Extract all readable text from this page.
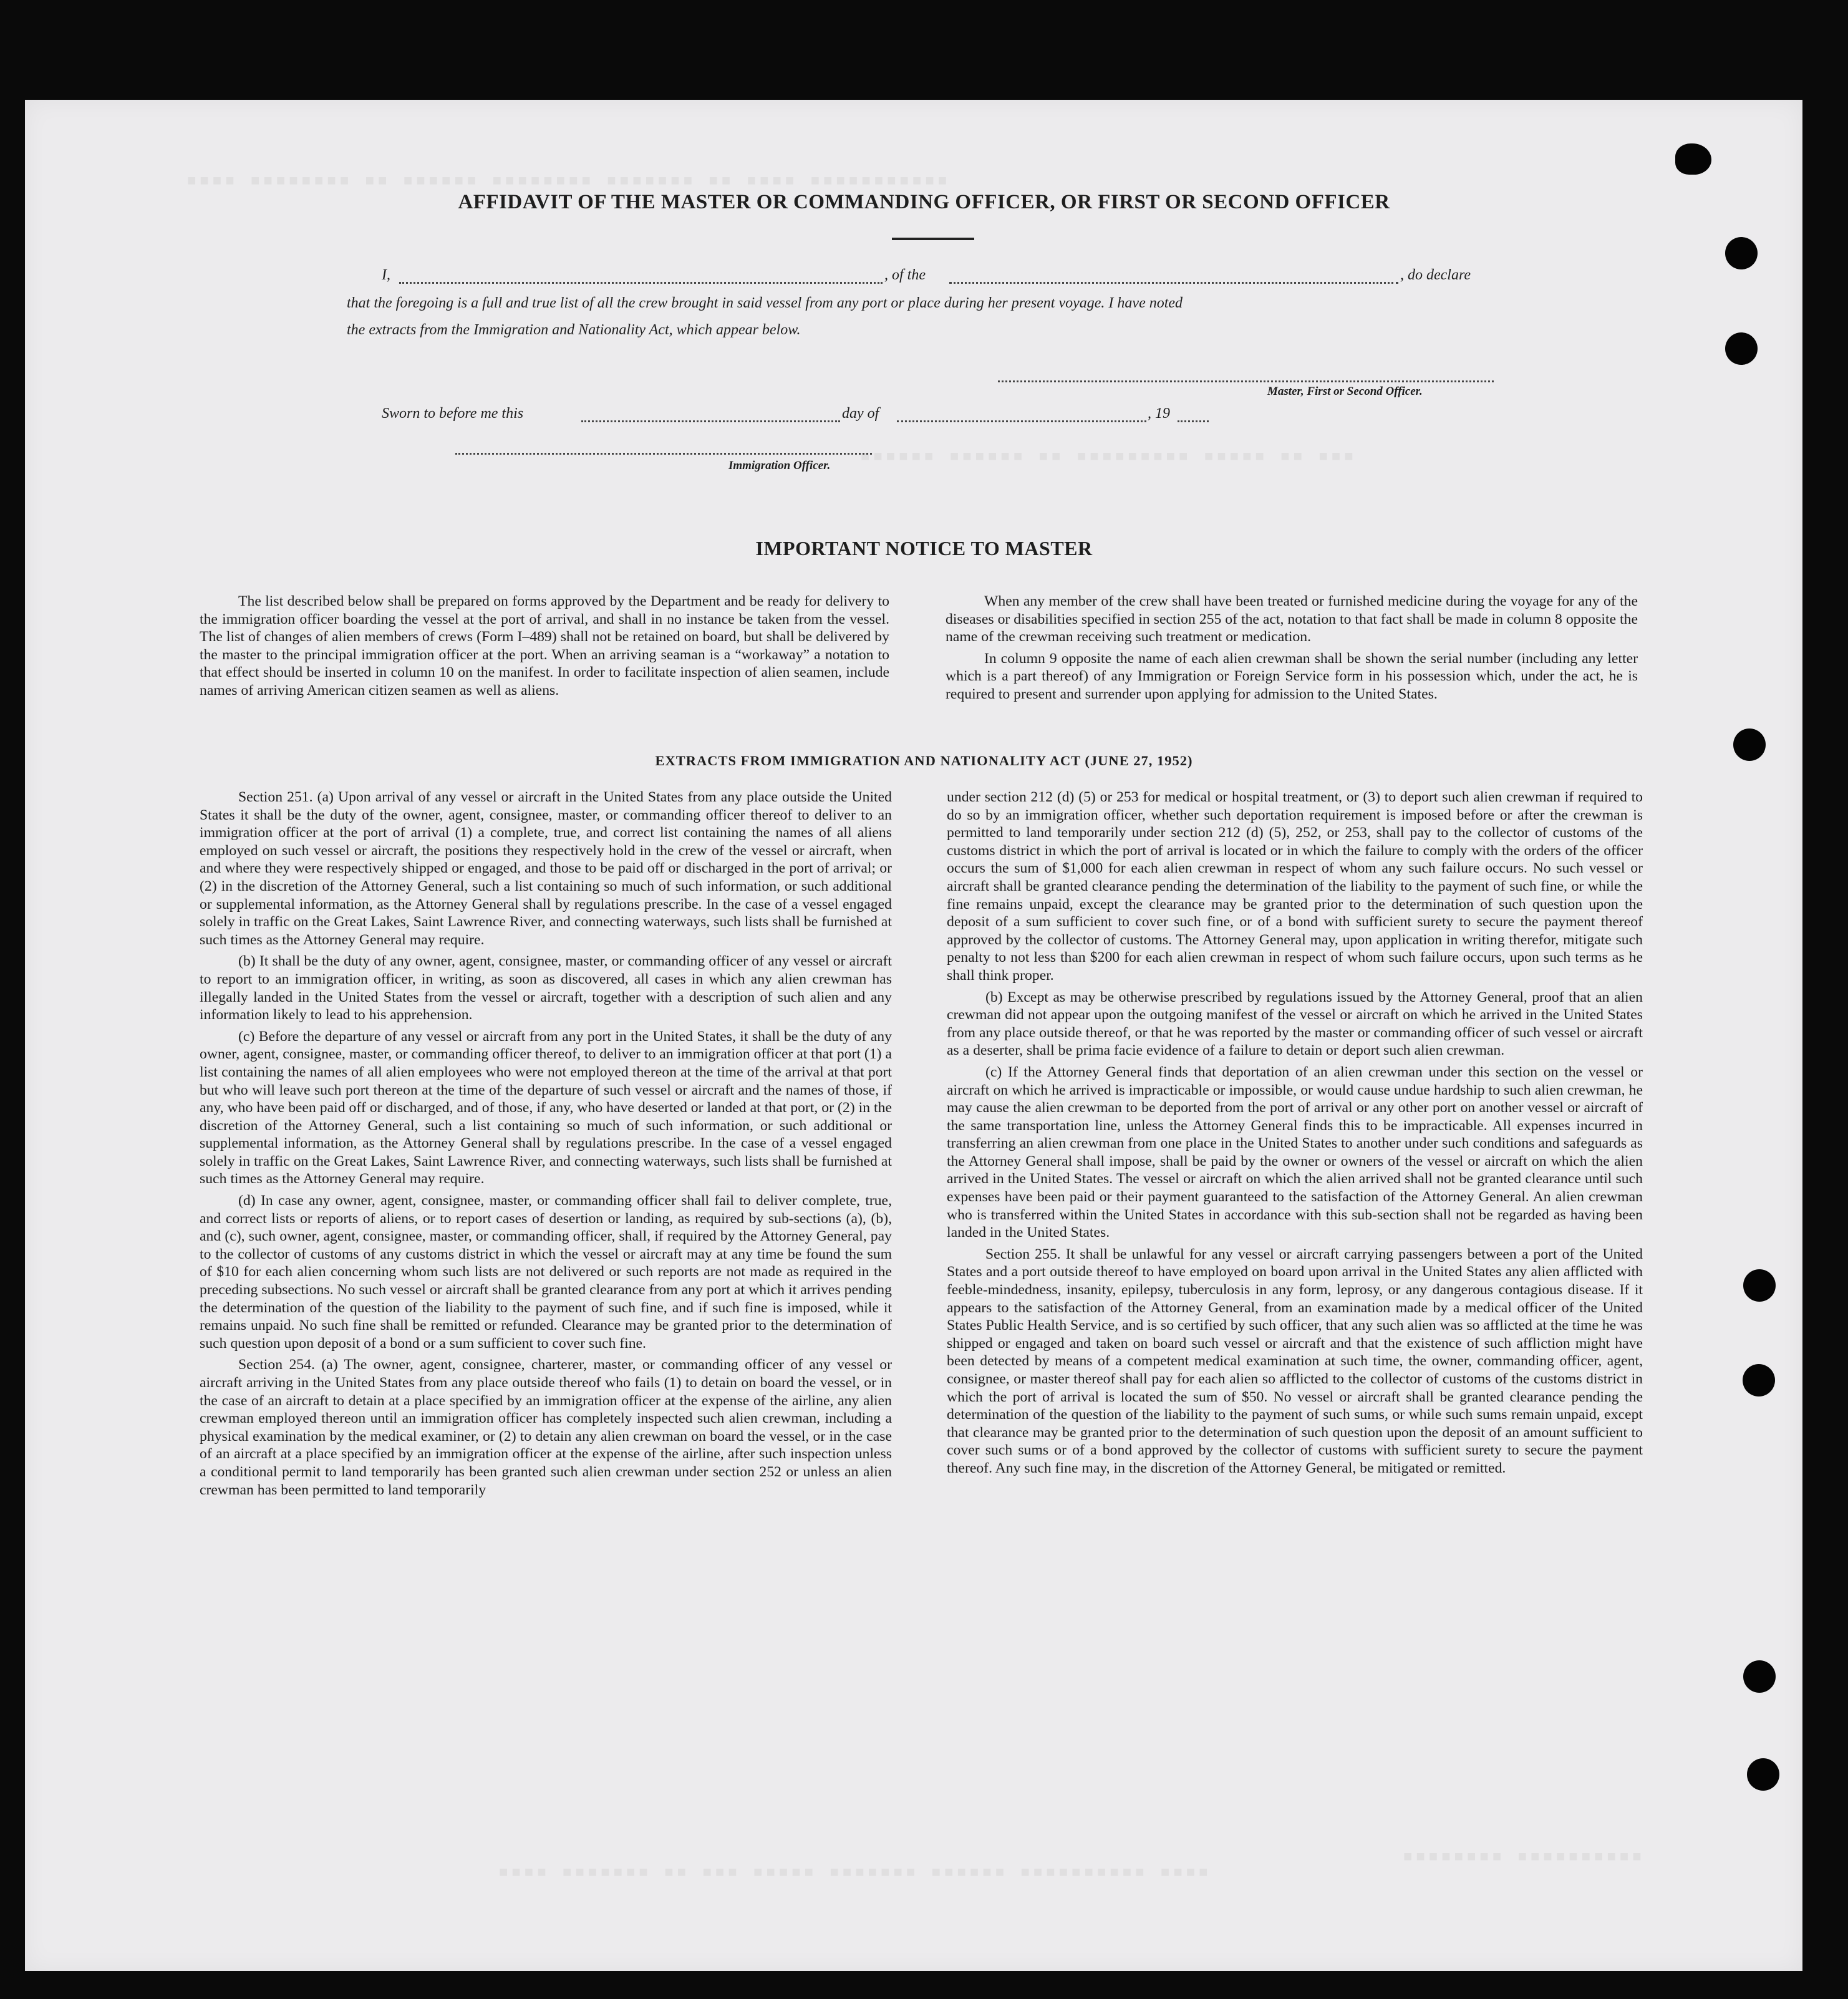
■■■■ ■■■■■■■■ ■■ ■■■■■■ ■■■■■■■■ ■■■■■■■ ■■ ■■■■ ■■■■■■■■■■■
■■■■■■ ■■■■■■ ■■ ■■■■■■■■■ ■■■■■ ■■ ■■■
■■■■■■■■ ■■■■■■■■■■
■■■■ ■■■■■■■ ■■ ■■■ ■■■■■ ■■■■■■■ ■■■■■■ ■■■■■■■■■■ ■■■■
AFFIDAVIT OF THE MASTER OR COMMANDING OFFICER, OR FIRST OR SECOND OFFICER
I,	, of the	, do declare
that the foregoing is a full and true list of all the crew brought in said vessel from any port or place during her present voyage. I have noted
the extracts from the Immigration and Nationality Act, which appear below.
Master, First or Second Officer.
Sworn to before me this	day of	, 19
Immigration Officer.
IMPORTANT NOTICE TO MASTER

The list described below shall be prepared on forms approved by the Department and be ready for delivery to the immigration officer boarding the vessel at the port of arrival, and shall in no instance be taken from the vessel. The list of changes of alien members of crews (Form I–489) shall not be retained on board, but shall be delivered by the master to the principal immigration officer at the port. When an arriving seaman is a “workaway” a notation to that effect should be inserted in column 10 on the manifest. In order to facilitate inspection of alien seamen, include names of arriving American citizen seamen as well as aliens.

When any member of the crew shall have been treated or furnished medicine during the voyage for any of the diseases or disabilities specified in section 255 of the act, notation to that fact shall be made in column 8 opposite the name of the crewman receiving such treatment or medication.

In column 9 opposite the name of each alien crewman shall be shown the serial number (including any letter which is a part thereof) of any Immigration or Foreign Service form in his possession which, under the act, he is required to present and surrender upon applying for admission to the United States.

EXTRACTS FROM IMMIGRATION AND NATIONALITY ACT (JUNE 27, 1952)

Section 251. (a) Upon arrival of any vessel or aircraft in the United States from any place outside the United States it shall be the duty of the owner, agent, consignee, master, or commanding officer thereof to deliver to an immigration officer at the port of arrival (1) a complete, true, and correct list containing the names of all aliens employed on such vessel or aircraft, the positions they respectively hold in the crew of the vessel or aircraft, when and where they were respectively shipped or engaged, and those to be paid off or discharged in the port of arrival; or (2) in the discretion of the Attorney General, such a list containing so much of such information, or such additional or supplemental information, as the Attorney General shall by regulations prescribe. In the case of a vessel engaged solely in traffic on the Great Lakes, Saint Lawrence River, and connecting waterways, such lists shall be furnished at such times as the Attorney General may require.

(b) It shall be the duty of any owner, agent, consignee, master, or commanding officer of any vessel or aircraft to report to an immigration officer, in writing, as soon as discovered, all cases in which any alien crewman has illegally landed in the United States from the vessel or aircraft, together with a description of such alien and any information likely to lead to his apprehension.

(c) Before the departure of any vessel or aircraft from any port in the United States, it shall be the duty of any owner, agent, consignee, master, or commanding officer thereof, to deliver to an immigration officer at that port (1) a list containing the names of all alien employees who were not employed thereon at the time of the arrival at that port but who will leave such port thereon at the time of the departure of such vessel or aircraft and the names of those, if any, who have been paid off or discharged, and of those, if any, who have deserted or landed at that port, or (2) in the discretion of the Attorney General, such a list containing so much of such information, or such additional or supplemental information, as the Attorney General shall by regulations prescribe. In the case of a vessel engaged solely in traffic on the Great Lakes, Saint Lawrence River, and connecting waterways, such lists shall be furnished at such times as the Attorney General may require.

(d) In case any owner, agent, consignee, master, or commanding officer shall fail to deliver complete, true, and correct lists or reports of aliens, or to report cases of desertion or landing, as required by sub-sections (a), (b), and (c), such owner, agent, consignee, master, or commanding officer, shall, if required by the Attorney General, pay to the collector of customs of any customs district in which the vessel or aircraft may at any time be found the sum of $10 for each alien concerning whom such lists are not delivered or such reports are not made as required in the preceding subsections. No such vessel or aircraft shall be granted clearance from any port at which it arrives pending the determination of the question of the liability to the payment of such fine, and if such fine is imposed, while it remains unpaid. No such fine shall be remitted or refunded. Clearance may be granted prior to the determination of such question upon deposit of a bond or a sum sufficient to cover such fine.

Section 254. (a) The owner, agent, consignee, charterer, master, or commanding officer of any vessel or aircraft arriving in the United States from any place outside thereof who fails (1) to detain on board the vessel, or in the case of an aircraft to detain at a place specified by an immigration officer at the expense of the airline, any alien crewman employed thereon until an immigration officer has completely inspected such alien crewman, including a physical examination by the medical examiner, or (2) to detain any alien crewman on board the vessel, or in the case of an aircraft at a place specified by an immigration officer at the expense of the airline, after such inspection unless a conditional permit to land temporarily has been granted such alien crewman under section 252 or unless an alien crewman has been permitted to land temporarily

under section 212 (d) (5) or 253 for medical or hospital treatment, or (3) to deport such alien crewman if required to do so by an immigration officer, whether such deportation requirement is imposed before or after the crewman is permitted to land temporarily under section 212 (d) (5), 252, or 253, shall pay to the collector of customs of the customs district in which the port of arrival is located or in which the failure to comply with the orders of the officer occurs the sum of $1,000 for each alien crewman in respect of whom any such failure occurs. No such vessel or aircraft shall be granted clearance pending the determination of the liability to the payment of such fine, or while the fine remains unpaid, except the clearance may be granted prior to the determination of such question upon the deposit of a sum sufficient to cover such fine, or of a bond with sufficient surety to secure the payment thereof approved by the collector of customs. The Attorney General may, upon application in writing therefor, mitigate such penalty to not less than $200 for each alien crewman in respect of whom such failure occurs, upon such terms as he shall think proper.

(b) Except as may be otherwise prescribed by regulations issued by the Attorney General, proof that an alien crewman did not appear upon the outgoing manifest of the vessel or aircraft on which he arrived in the United States from any place outside thereof, or that he was reported by the master or commanding officer of such vessel or aircraft as a deserter, shall be prima facie evidence of a failure to detain or deport such alien crewman.

(c) If the Attorney General finds that deportation of an alien crewman under this section on the vessel or aircraft on which he arrived is impracticable or impossible, or would cause undue hardship to such alien crewman, he may cause the alien crewman to be deported from the port of arrival or any other port on another vessel or aircraft of the same transportation line, unless the Attorney General finds this to be impracticable. All expenses incurred in transferring an alien crewman from one place in the United States to another under such conditions and safeguards as the Attorney General shall impose, shall be paid by the owner or owners of the vessel or aircraft on which the alien arrived in the United States. The vessel or aircraft on which the alien arrived shall not be granted clearance until such expenses have been paid or their payment guaranteed to the satisfaction of the Attorney General. An alien crewman who is transferred within the United States in accordance with this sub-section shall not be regarded as having been landed in the United States.

Section 255. It shall be unlawful for any vessel or aircraft carrying passengers between a port of the United States and a port outside thereof to have employed on board upon arrival in the United States any alien afflicted with feeble-mindedness, insanity, epilepsy, tuberculosis in any form, leprosy, or any dangerous contagious disease. If it appears to the satisfaction of the Attorney General, from an examination made by a medical officer of the United States Public Health Service, and is so certified by such officer, that any such alien was so afflicted at the time he was shipped or engaged and taken on board such vessel or aircraft and that the existence of such affliction might have been detected by means of a competent medical examination at such time, the owner, commanding officer, agent, consignee, or master thereof shall pay for each alien so afflicted to the collector of customs of the customs district in which the port of arrival is located the sum of $50. No vessel or aircraft shall be granted clearance pending the determination of the question of the liability to the payment of such sums, or while such sums remain unpaid, except that clearance may be granted prior to the determination of such question upon the deposit of an amount sufficient to cover such sums or of a bond approved by the collector of customs with sufficient surety to secure the payment thereof. Any such fine may, in the discretion of the Attorney General, be mitigated or remitted.
